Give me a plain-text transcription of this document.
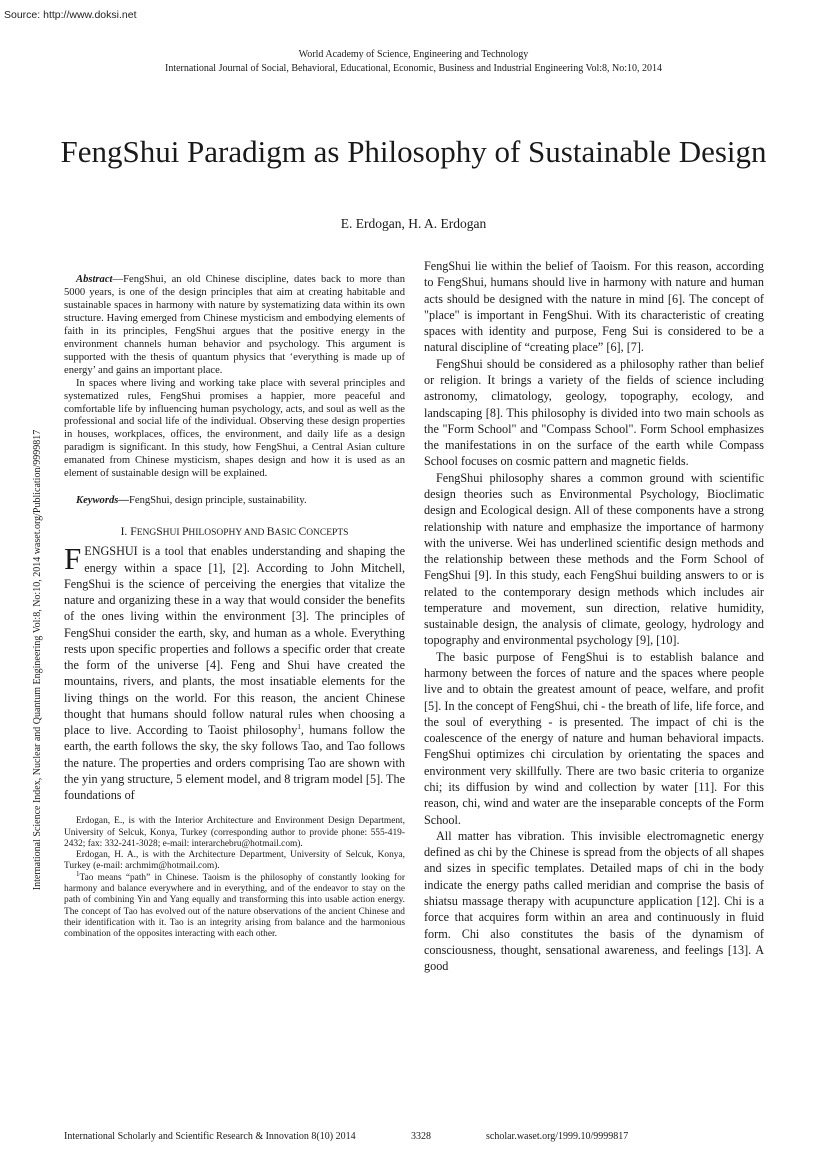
Source: http://www.doksi.net
World Academy of Science, Engineering and Technology
International Journal of Social, Behavioral, Educational, Economic, Business and Industrial Engineering Vol:8, No:10, 2014
FengShui Paradigm as Philosophy of Sustainable Design
E. Erdogan, H. A. Erdogan
International Science Index, Nuclear and Quantum Engineering Vol:8, No:10, 2014 waset.org/Publication/9999817

Abstract—FengShui, an old Chinese discipline, dates back to more than 5000 years, is one of the design principles that aim at creating habitable and sustainable spaces in harmony with nature by systematizing data within its own structure. Having emerged from Chinese mysticism and embodying elements of faith in its principles, FengShui argues that the positive energy in the environment channels human behavior and psychology. This argument is supported with the thesis of quantum physics that ‘everything is made up of energy’ and gains an important place.

In spaces where living and working take place with several principles and systematized rules, FengShui promises a happier, more peaceful and comfortable life by influencing human psychology, acts, and soul as well as the professional and social life of the individual. Observing these design properties in houses, workplaces, offices, the environment, and daily life as a design paradigm is significant. In this study, how FengShui, a Central Asian culture emanated from Chinese mysticism, shapes design and how it is used as an element of sustainable design will be explained.

Keywords—FengShui, design principle, sustainability.

I. FENGSHUI PHILOSOPHY AND BASIC CONCEPTS

FENGSHUI is a tool that enables understanding and shaping the energy within a space [1], [2]. According to John Mitchell, FengShui is the science of perceiving the energies that vitalize the nature and organizing these in a way that would consider the benefits of the ones living within the environment [3]. The principles of FengShui consider the earth, sky, and human as a whole. Everything rests upon specific properties and follows a specific order that create the form of the universe [4]. Feng and Shui have created the mountains, rivers, and plants, the most insatiable elements for the living things on the world. For this reason, the ancient Chinese thought that humans should follow natural rules when choosing a place to live. According to Taoist philosophy$^1$, humans follow the earth, the earth follows the sky, the sky follows Tao, and Tao follows the nature. The properties and orders comprising Tao are shown with the yin yang structure, 5 element model, and 8 trigram model [5]. The foundations of

Erdogan, E., is with the Interior Architecture and Environment Design Department, University of Selcuk, Konya, Turkey (corresponding author to provide phone: 555-419-2432; fax: 332-241-3028; e-mail: interarchebru@hotmail.com).

Erdogan, H. A., is with the Architecture Department, University of Selcuk, Konya, Turkey (e-mail: archmim@hotmail.com).

$^1$Tao means “path” in Chinese. Taoism is the philosophy of constantly looking for harmony and balance everywhere and in everything, and of the endeavor to stay on the path of combining Yin and Yang equally and transforming this into usable action energy. The concept of Tao has evolved out of the nature observations of the ancient Chinese and their identification with it. Tao is an integrity arising from balance and the harmonious combination of the opposites interacting with each other.

FengShui lie within the belief of Taoism. For this reason, according to FengShui, humans should live in harmony with nature and human acts should be designed with the nature in mind [6]. The concept of "place" is important in FengShui. With its characteristic of creating spaces with identity and purpose, Feng Sui is considered to be a natural discipline of “creating place” [6], [7].

FengShui should be considered as a philosophy rather than belief or religion. It brings a variety of the fields of science including astronomy, climatology, geology, topography, ecology, and landscaping [8]. This philosophy is divided into two main schools as the "Form School" and "Compass School". Form School emphasizes the manifestations in on the surface of the earth while Compass School focuses on cosmic pattern and magnetic fields.

FengShui philosophy shares a common ground with scientific design theories such as Environmental Psychology, Bioclimatic design and Ecological design. All of these components have a strong relationship with nature and emphasize the importance of harmony with the universe. Wei has underlined scientific design methods and the relationship between these methods and the Form School of FengShui [9]. In this study, each FengShui building answers to or is related to the contemporary design methods which includes air temperature and movement, sun direction, relative humidity, sustainable design, the analysis of climate, geology, hydrology and topography and environmental psychology [9], [10].

The basic purpose of FengShui is to establish balance and harmony between the forces of nature and the spaces where people live and to obtain the greatest amount of peace, welfare, and profit [5]. In the concept of FengShui, chi - the breath of life, life force, and the soul of everything - is presented. The impact of chi is the coalescence of the energy of nature and human behavioral impacts. FengShui optimizes chi circulation by orientating the spaces and environment very skillfully. There are two basic criteria to organize chi; its diffusion by wind and collection by water [11]. For this reason, chi, wind and water are the inseparable concepts of the Form School.

All matter has vibration. This invisible electromagnetic energy defined as chi by the Chinese is spread from the objects of all shapes and sizes in specific templates. Detailed maps of chi in the body indicate the energy paths called meridian and comprise the basis of shiatsu massage therapy with acupuncture application [12]. Chi is a force that acquires form within an area and continuously in fluid form. Chi also constitutes the basis of the dynamism of consciousness, thought, sensational awareness, and feelings [13]. A good

International Scholarly and Scientific Research & Innovation 8(10) 2014	3328	scholar.waset.org/1999.10/9999817
